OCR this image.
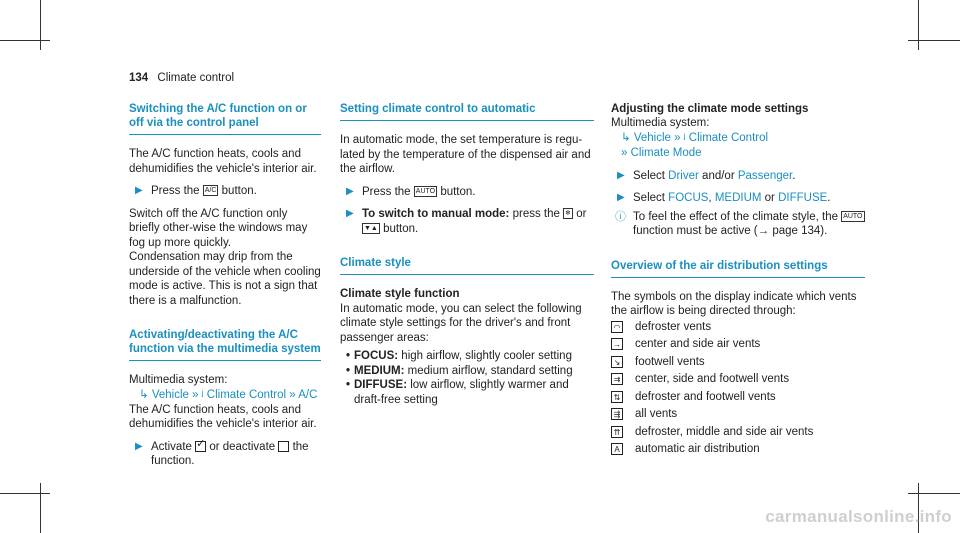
134 Climate control
Switching the A/C function on or off via the control panel

The A/C function heats, cools and dehumidifies the vehicle's interior air.

▶ Press the A/C button.

Switch off the A/C function only briefly other-wise the windows may fog up more quickly.

Condensation may drip from the underside of the vehicle when cooling mode is active. This is not a sign that there is a malfunction.

Activating/deactivating the A/C function via the multimedia system

Multimedia system:

↳ Vehicle » ʲ Climate Control » A/C

The A/C function heats, cools and dehumidifies the vehicle's interior air.

▶ Activate ✓ or deactivate the function.
Setting climate control to automatic

In automatic mode, the set temperature is regu-lated by the temperature of the dispensed air and the airflow.

▶ Press the AUTO button.
▶ To switch to manual mode: press the ❄ or ▼▲ button.
Climate style

Climate style function

In automatic mode, you can select the following climate style settings for the driver's and front passenger areas:

• FOCUS: high airflow, slightly cooler setting
• MEDIUM: medium airflow, standard setting
• DIFFUSE: low airflow, slightly warmer and draft-free setting
Adjusting the climate mode settings

Multimedia system:

↳ Vehicle » ʲ Climate Control
» Climate Mode
▶ Select Driver and/or Passenger.
▶ Select FOCUS, MEDIUM or DIFFUSE.
ⓘ To feel the effect of the climate style, the AUTO function must be active (→ page 134).
Overview of the air distribution settings

The symbols on the display indicate which vents the airflow is being directed through:

◠ defroster vents
→ center and side air vents
↘ footwell vents
⇉ center, side and footwell vents
⇅ defroster and footwell vents
⇶ all vents
⇈ defroster, middle and side air vents
A automatic air distribution
carmanualsonline.info
